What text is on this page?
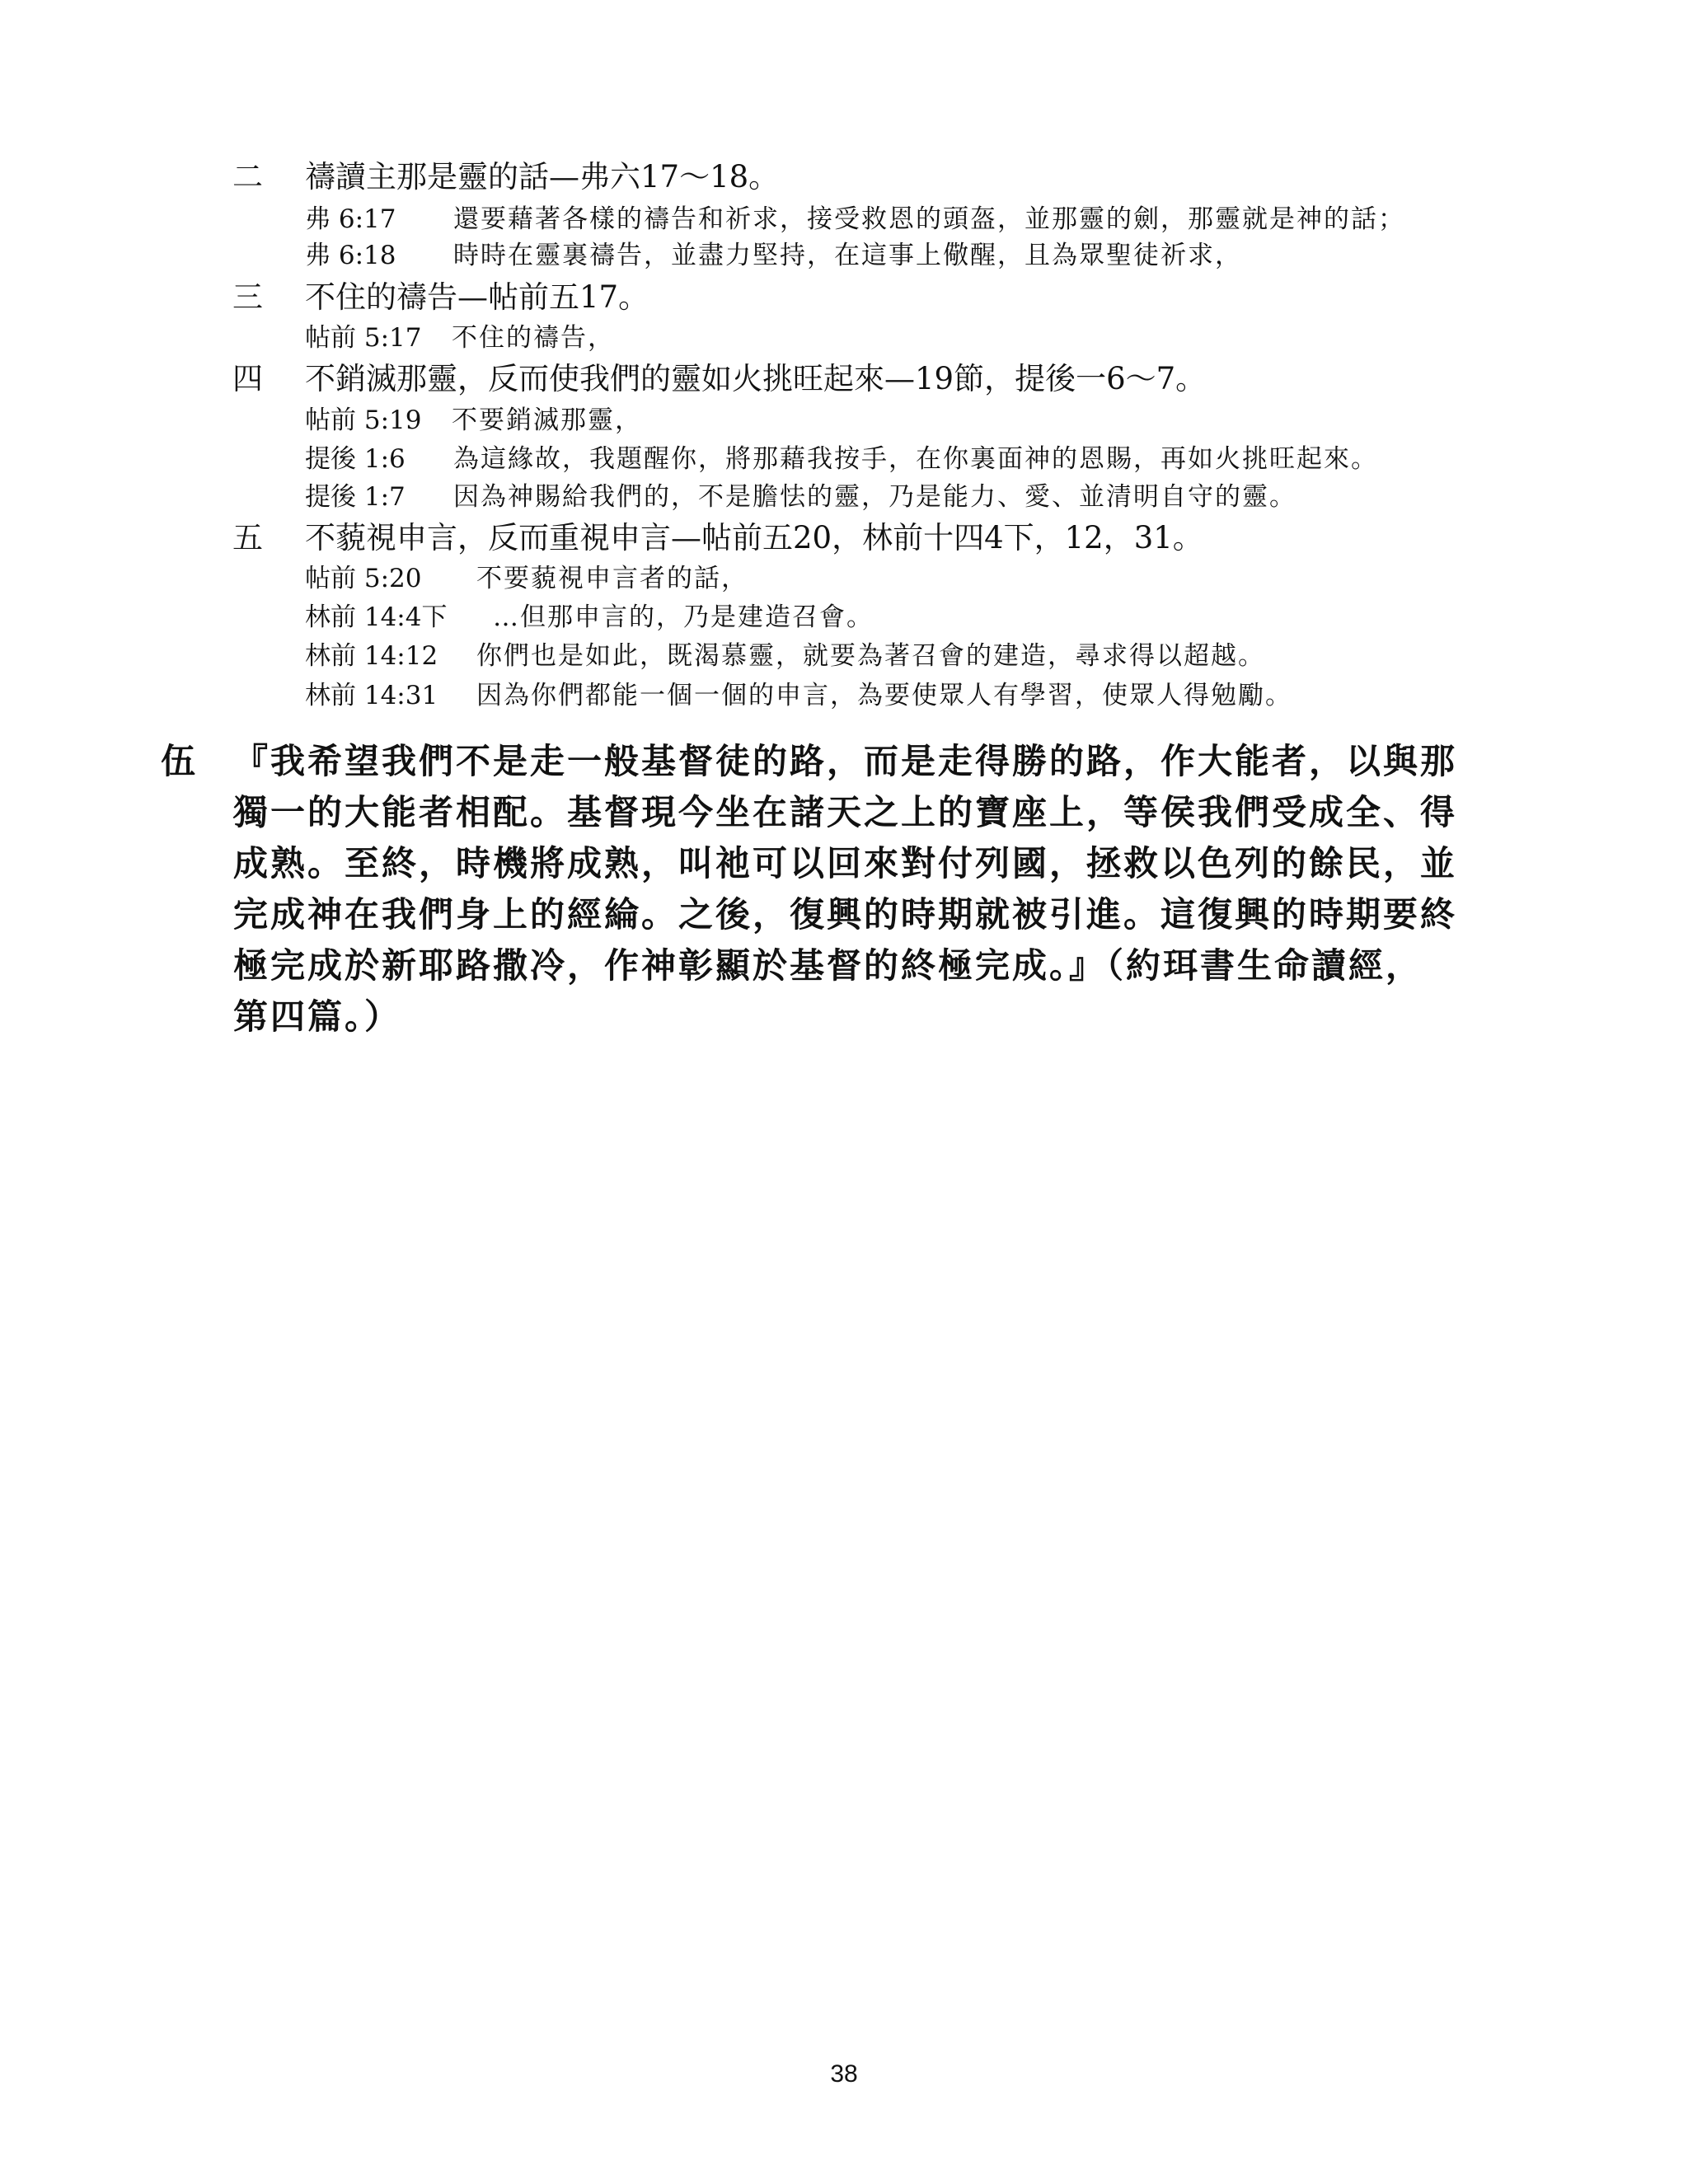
二 禱讀主那是靈的話—弗六17～18。
弗 6:17 還要藉著各樣的禱告和祈求，接受救恩的頭盔，並那靈的劍，那靈就是神的話；
弗 6:18 時時在靈裏禱告，並盡力堅持，在這事上儆醒，且為眾聖徒祈求，
三 不住的禱告—帖前五17。
帖前 5:17 不住的禱告，
四 不銷滅那靈，反而使我們的靈如火挑旺起來—19節，提後一6～7。
帖前 5:19 不要銷滅那靈，
提後 1:6 為這緣故，我題醒你，將那藉我按手，在你裏面神的恩賜，再如火挑旺起來。
提後 1:7 因為神賜給我們的，不是膽怯的靈，乃是能力、愛、並清明自守的靈。
五 不藐視申言，反而重視申言—帖前五20，林前十四4下，12，31。
帖前 5:20 不要藐視申言者的話，
林前 14:4下 …但那申言的，乃是建造召會。
林前 14:12 你們也是如此，既渴慕靈，就要為著召會的建造，尋求得以超越。
林前 14:31 因為你們都能一個一個的申言，為要使眾人有學習，使眾人得勉勵。
伍	『我希望我們不是走一般基督徒的路，而是走得勝的路，作大能者，以與那
獨一的大能者相配。基督現今坐在諸天之上的寶座上，等侯我們受成全、得
成熟。至終，時機將成熟，叫祂可以回來對付列國，拯救以色列的餘民，並
完成神在我們身上的經綸。之後，復興的時期就被引進。這復興的時期要終
極完成於新耶路撒冷，作神彰顯於基督的終極完成。』（約珥書生命讀經，
第四篇。）
38
